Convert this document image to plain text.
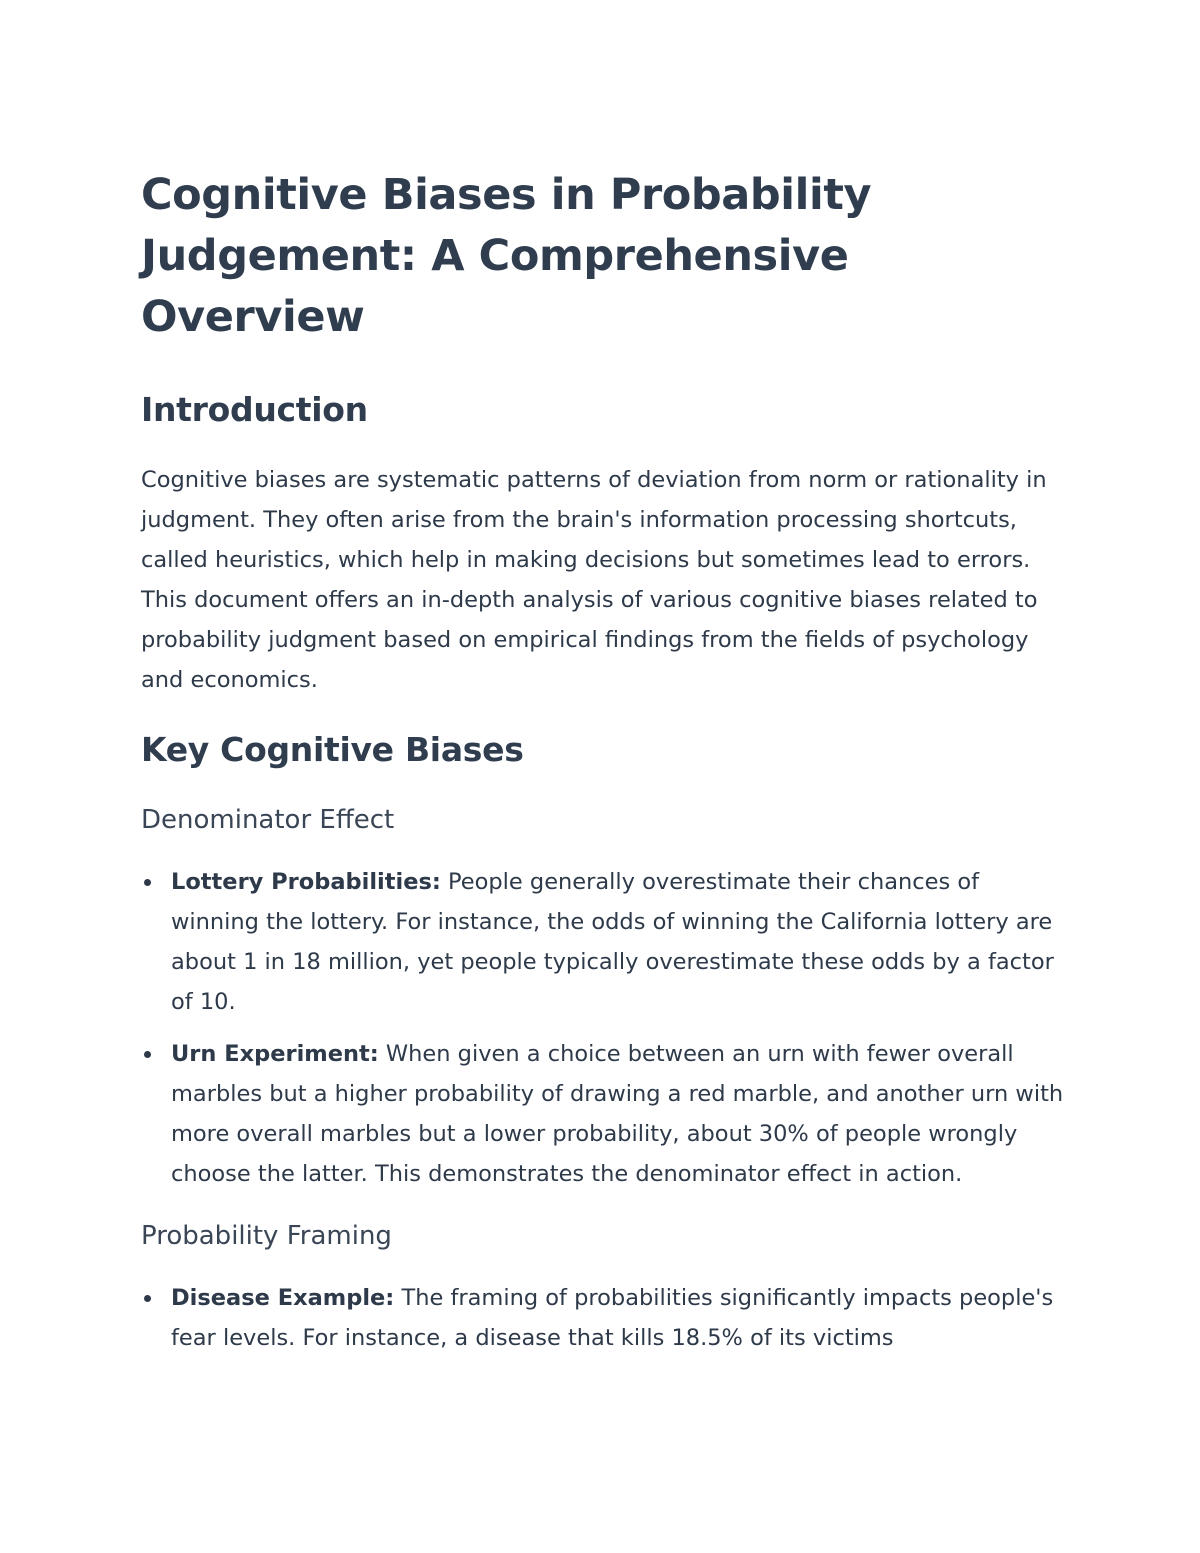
Cognitive Biases in Probability Judgement: A Comprehensive Overview
Introduction

Cognitive biases are systematic patterns of deviation from norm or rationality in judgment. They often arise from the brain's information processing shortcuts, called heuristics, which help in making decisions but sometimes lead to errors. This document offers an in-depth analysis of various cognitive biases related to probability judgment based on empirical findings from the fields of psychology and economics.

Key Cognitive Biases
Denominator Effect
Lottery Probabilities: People generally overestimate their chances of winning the lottery. For instance, the odds of winning the California lottery are about 1 in 18 million, yet people typically overestimate these odds by a factor of 10.
Urn Experiment: When given a choice between an urn with fewer overall marbles but a higher probability of drawing a red marble, and another urn with more overall marbles but a lower probability, about 30% of people wrongly choose the latter. This demonstrates the denominator effect in action.
Probability Framing
Disease Example: The framing of probabilities significantly impacts people's fear levels. For instance, a disease that kills 18.5% of its victims
